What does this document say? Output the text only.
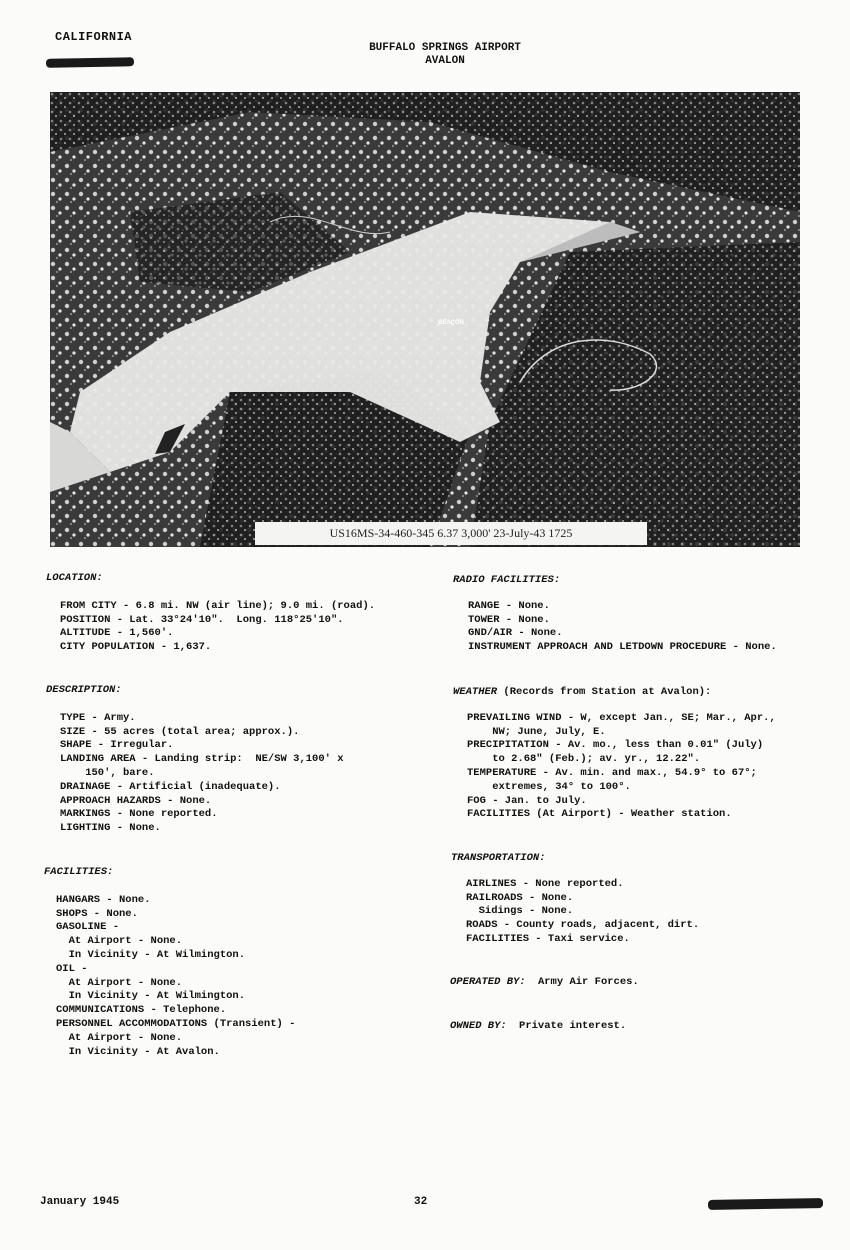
CALIFORNIA
BUFFALO SPRINGS AIRPORT
AVALON
BEACON
US16MS-34-460-345 6.37 3,000' 23-July-43 1725
LOCATION:
FROM CITY - 6.8 mi. NW (air line); 9.0 mi. (road).
POSITION - Lat. 33°24'10".  Long. 118°25'10".
ALTITUDE - 1,560'.
CITY POPULATION - 1,637.
DESCRIPTION:
TYPE - Army.
SIZE - 55 acres (total area; approx.).
SHAPE - Irregular.
LANDING AREA - Landing strip:  NE/SW 3,100' x
150', bare.
DRAINAGE - Artificial (inadequate).
APPROACH HAZARDS - None.
MARKINGS - None reported.
LIGHTING - None.
FACILITIES:
HANGARS - None.
SHOPS - None.
GASOLINE -
At Airport - None.
In Vicinity - At Wilmington.
OIL -
At Airport - None.
In Vicinity - At Wilmington.
COMMUNICATIONS - Telephone.
PERSONNEL ACCOMMODATIONS (Transient) -
At Airport - None.
In Vicinity - At Avalon.
RADIO FACILITIES:
RANGE - None.
TOWER - None.
GND/AIR - None.
INSTRUMENT APPROACH AND LETDOWN PROCEDURE - None.
WEATHER (Records from Station at Avalon):
PREVAILING WIND - W, except Jan., SE; Mar., Apr.,
NW; June, July, E.
PRECIPITATION - Av. mo., less than 0.01" (July)
to 2.68" (Feb.); av. yr., 12.22".
TEMPERATURE - Av. min. and max., 54.9° to 67°;
extremes, 34° to 100°.
FOG - Jan. to July.
FACILITIES (At Airport) - Weather station.
TRANSPORTATION:
AIRLINES - None reported.
RAILROADS - None.
Sidings - None.
ROADS - County roads, adjacent, dirt.
FACILITIES - Taxi service.
OPERATED BY: Army Air Forces.
OWNED BY: Private interest.
January 1945	32
